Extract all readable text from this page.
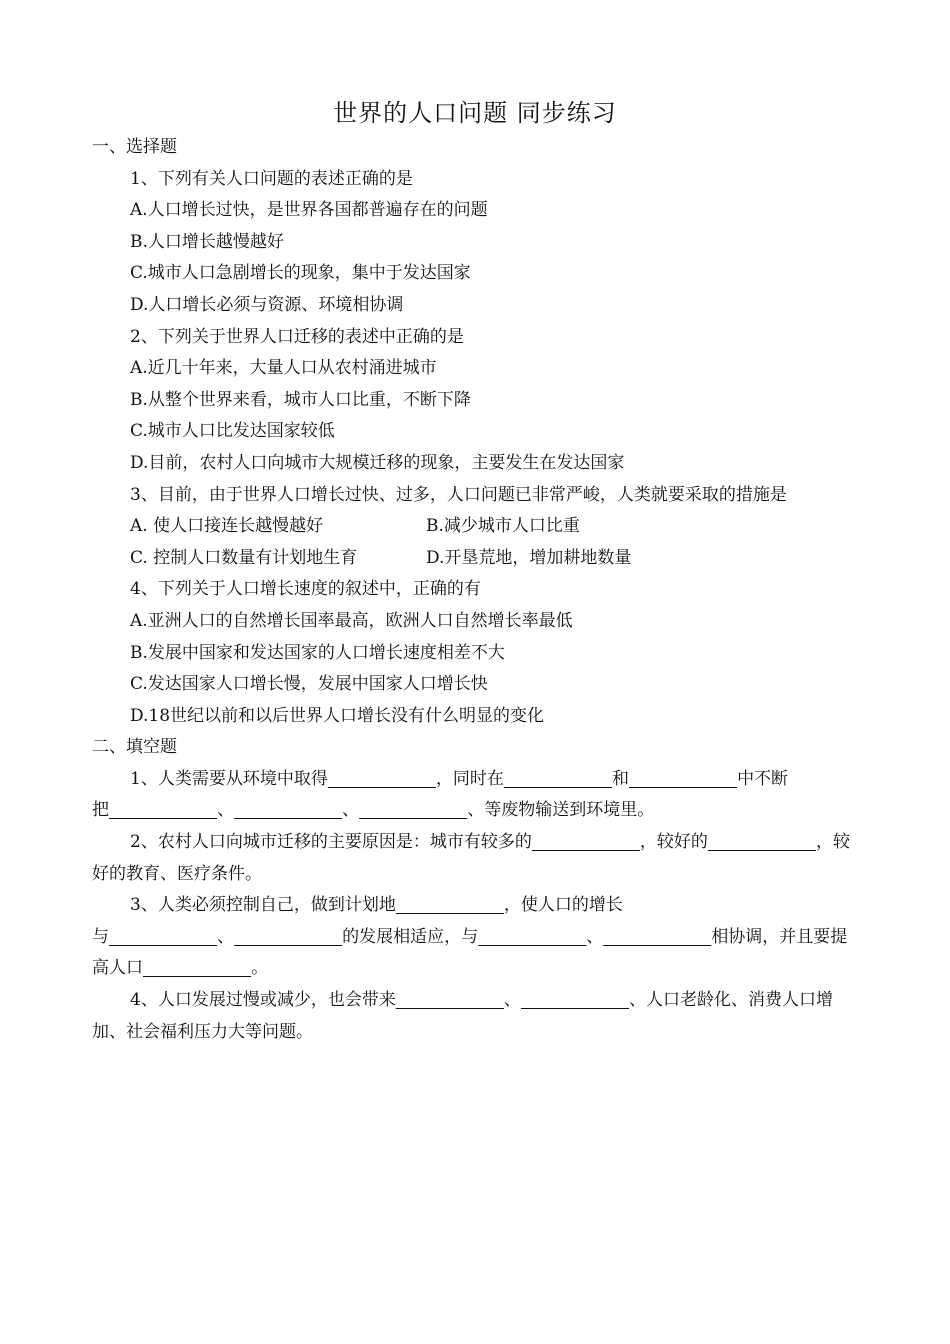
世界的人口问题 同步练习

一、选择题

1、下列有关人口问题的表述正确的是

A.人口增长过快，是世界各国都普遍存在的问题

B.人口增长越慢越好

C.城市人口急剧增长的现象，集中于发达国家

D.人口增长必须与资源、环境相协调

2、下列关于世界人口迁移的表述中正确的是

A.近几十年来，大量人口从农村涌进城市

B.从整个世界来看，城市人口比重，不断下降

C.城市人口比发达国家较低

D.目前，农村人口向城市大规模迁移的现象，主要发生在发达国家

3、目前，由于世界人口增长过快、过多，人口问题已非常严峻，人类就要采取的措施是

A. 使人口接连长越慢越好	B.减少城市人口比重
C. 控制人口数量有计划地生育	D.开垦荒地，增加耕地数量

4、下列关于人口增长速度的叙述中，正确的有

A.亚洲人口的自然增长国率最高，欧洲人口自然增长率最低

B.发展中国家和发达国家的人口增长速度相差不大

C.发达国家人口增长慢，发展中国家人口增长快

D.18世纪以前和以后世界人口增长没有什么明显的变化

二、填空题

1、人类需要从环境中取得	，同时在	和	中不断把	、	、	、等废物输送到环境里。

2、农村人口向城市迁移的主要原因是：城市有较多的	，较好的	，较好的教育、医疗条件。

3、人类必须控制自己，做到计划地	，使人口的增长与	、	的发展相适应，与	、	相协调，并且要提高人口	。

4、人口发展过慢或减少，也会带来	、	、人口老龄化、消费人口增加、社会福利压力大等问题。
